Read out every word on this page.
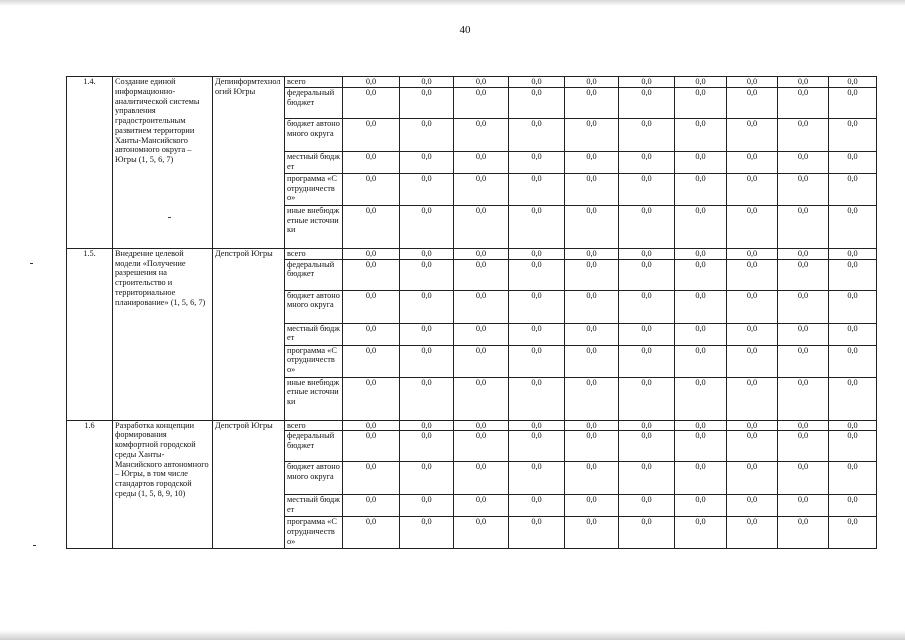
40
1.4.	Создание единой информационно-аналитической системы управления градостроительным развитием территории Ханты-Мансийского автономного округа – Югры (1, 5, 6, 7)	Депинформтехнологий Югры	всего	0,0	0,0	0,0	0,0	0,0	0,0	0,0	0,0	0,0	0,0
			федеральный бюджет	0,0	0,0	0,0	0,0	0,0	0,0	0,0	0,0	0,0	0,0
			бюджет автономного округа	0,0	0,0	0,0	0,0	0,0	0,0	0,0	0,0	0,0	0,0
			местный бюджет	0,0	0,0	0,0	0,0	0,0	0,0	0,0	0,0	0,0	0,0
			программа «Сотрудничество»	0,0	0,0	0,0	0,0	0,0	0,0	0,0	0,0	0,0	0,0
			иные внебюджетные источники	0,0	0,0	0,0	0,0	0,0	0,0	0,0	0,0	0,0	0,0
1.5.	Внедрение целевой модели «Получение разрешения на строительство и территориальное планирование» (1, 5, 6, 7)	Депстрой Югры	всего	0,0	0,0	0,0	0,0	0,0	0,0	0,0	0,0	0,0	0,0
			федеральный бюджет	0,0	0,0	0,0	0,0	0,0	0,0	0,0	0,0	0,0	0,0
			бюджет автономного округа	0,0	0,0	0,0	0,0	0,0	0,0	0,0	0,0	0,0	0,0
			местный бюджет	0,0	0,0	0,0	0,0	0,0	0,0	0,0	0,0	0,0	0,0
			программа «Сотрудничество»	0,0	0,0	0,0	0,0	0,0	0,0	0,0	0,0	0,0	0,0
			иные внебюджетные источники	0,0	0,0	0,0	0,0	0,0	0,0	0,0	0,0	0,0	0,0
1.6	Разработка концепции формирования комфортной городской среды Ханты-Мансийского автономного – Югры, в том числе стандартов городской среды (1, 5, 8, 9, 10)	Депстрой Югры	всего	0,0	0,0	0,0	0,0	0,0	0,0	0,0	0,0	0,0	0,0
			федеральный бюджет	0,0	0,0	0,0	0,0	0,0	0,0	0,0	0,0	0,0	0,0
			бюджет автономного округа	0,0	0,0	0,0	0,0	0,0	0,0	0,0	0,0	0,0	0,0
			местный бюджет	0,0	0,0	0,0	0,0	0,0	0,0	0,0	0,0	0,0	0,0
			программа «Сотрудничество»	0,0	0,0	0,0	0,0	0,0	0,0	0,0	0,0	0,0	0,0
